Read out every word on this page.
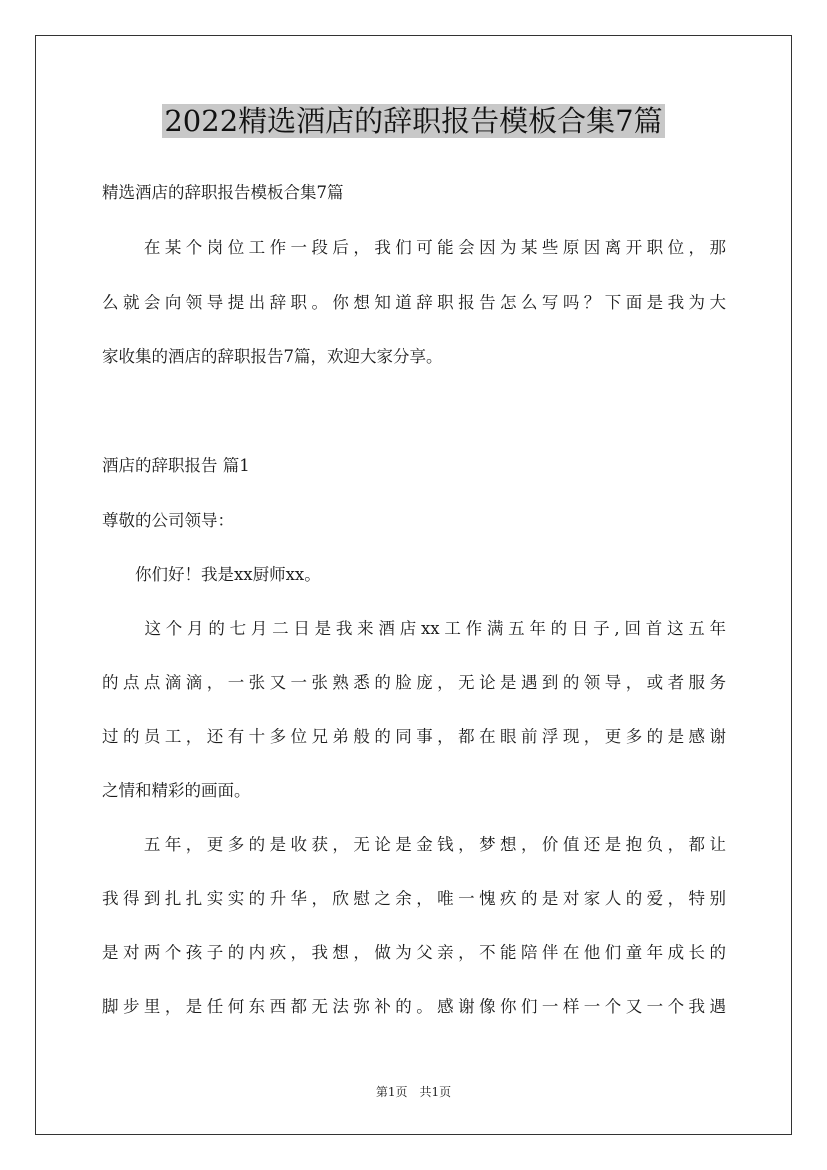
2022精选酒店的辞职报告模板合集7篇
精选酒店的辞职报告模板合集7篇
　　在某个岗位工作一段后，我们可能会因为某些原因离开职位，那
么就会向领导提出辞职。你想知道辞职报告怎么写吗？下面是我为大
家收集的酒店的辞职报告7篇，欢迎大家分享。
酒店的辞职报告 篇1
尊敬的公司领导：
　　你们好！我是xx厨师xx。
　　这个月的七月二日是我来酒店xx工作满五年的日子,回首这五年
的点点滴滴，一张又一张熟悉的脸庞，无论是遇到的领导，或者服务
过的员工，还有十多位兄弟般的同事，都在眼前浮现，更多的是感谢
之情和精彩的画面。
　　五年，更多的是收获，无论是金钱，梦想，价值还是抱负，都让
我得到扎扎实实的升华，欣慰之余，唯一愧疚的是对家人的爱，特别
是对两个孩子的内疚，我想，做为父亲，不能陪伴在他们童年成长的
脚步里，是任何东西都无法弥补的。感谢像你们一样一个又一个我遇
第1页　共1页
